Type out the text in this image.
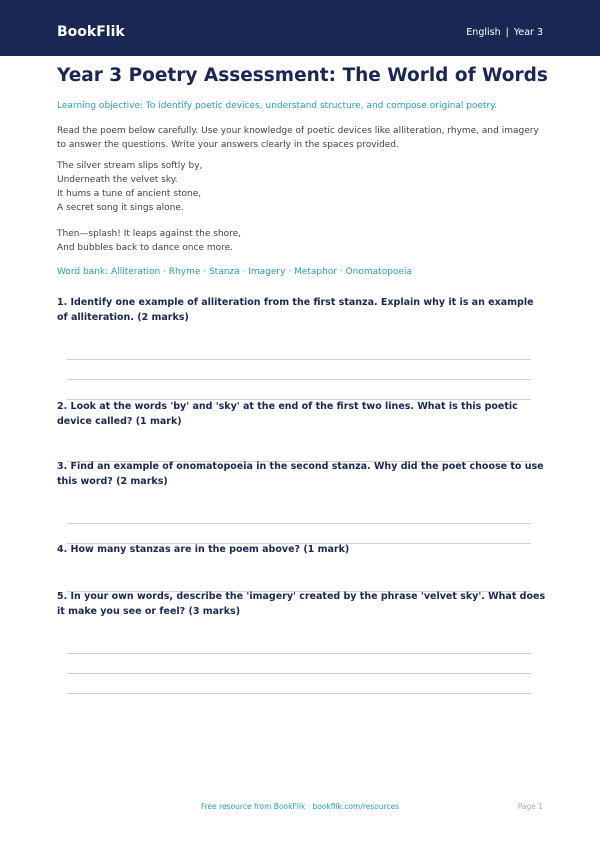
BookFlik	English | Year 3
Year 3 Poetry Assessment: The World of Words
Learning objective: To identify poetic devices, understand structure, and compose original poetry.
Read the poem below carefully. Use your knowledge of poetic devices like alliteration, rhyme, and imagery to answer the questions. Write your answers clearly in the spaces provided.
The silver stream slips softly by,
Underneath the velvet sky.
It hums a tune of ancient stone,
A secret song it sings alone.
Then—splash! It leaps against the shore,
And bubbles back to dance once more.
Word bank: Alliteration · Rhyme · Stanza · Imagery · Metaphor · Onomatopoeia
1. Identify one example of alliteration from the first stanza. Explain why it is an example of alliteration. (2 marks)
2. Look at the words 'by' and 'sky' at the end of the first two lines. What is this poetic device called? (1 mark)
3. Find an example of onomatopoeia in the second stanza. Why did the poet choose to use this word? (2 marks)
4. How many stanzas are in the poem above? (1 mark)
5. In your own words, describe the 'imagery' created by the phrase 'velvet sky'. What does it make you see or feel? (3 marks)
Free resource from BookFlik · bookflik.com/resources	Page 1
